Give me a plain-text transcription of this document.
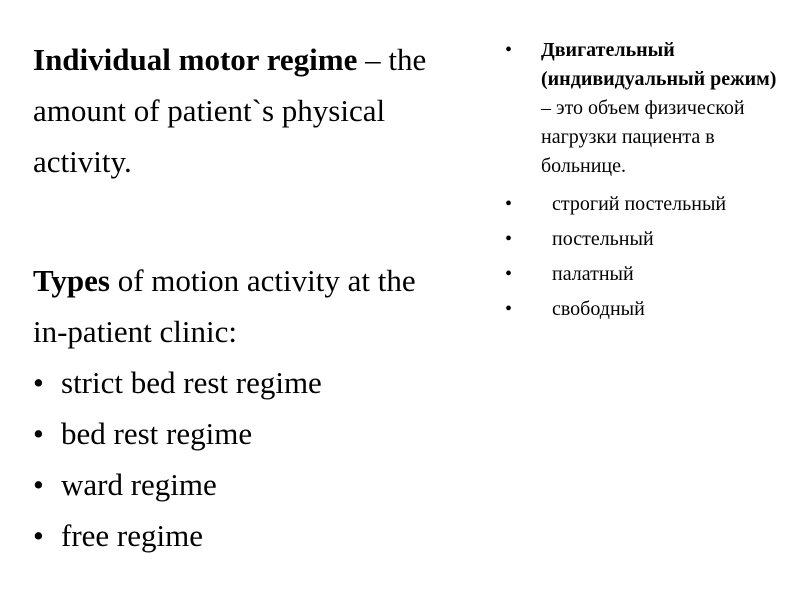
Individual motor regime – the amount of patient`s physical activity.

Types of motion activity at the in-patient clinic:

• strict bed rest regime
• bed rest regime
• ward regime
• free regime
• Двигательный (индивидуальный режим) – это объем физической нагрузки пациента в больнице.
• строгий постельный
• постельный
• палатный
• свободный
